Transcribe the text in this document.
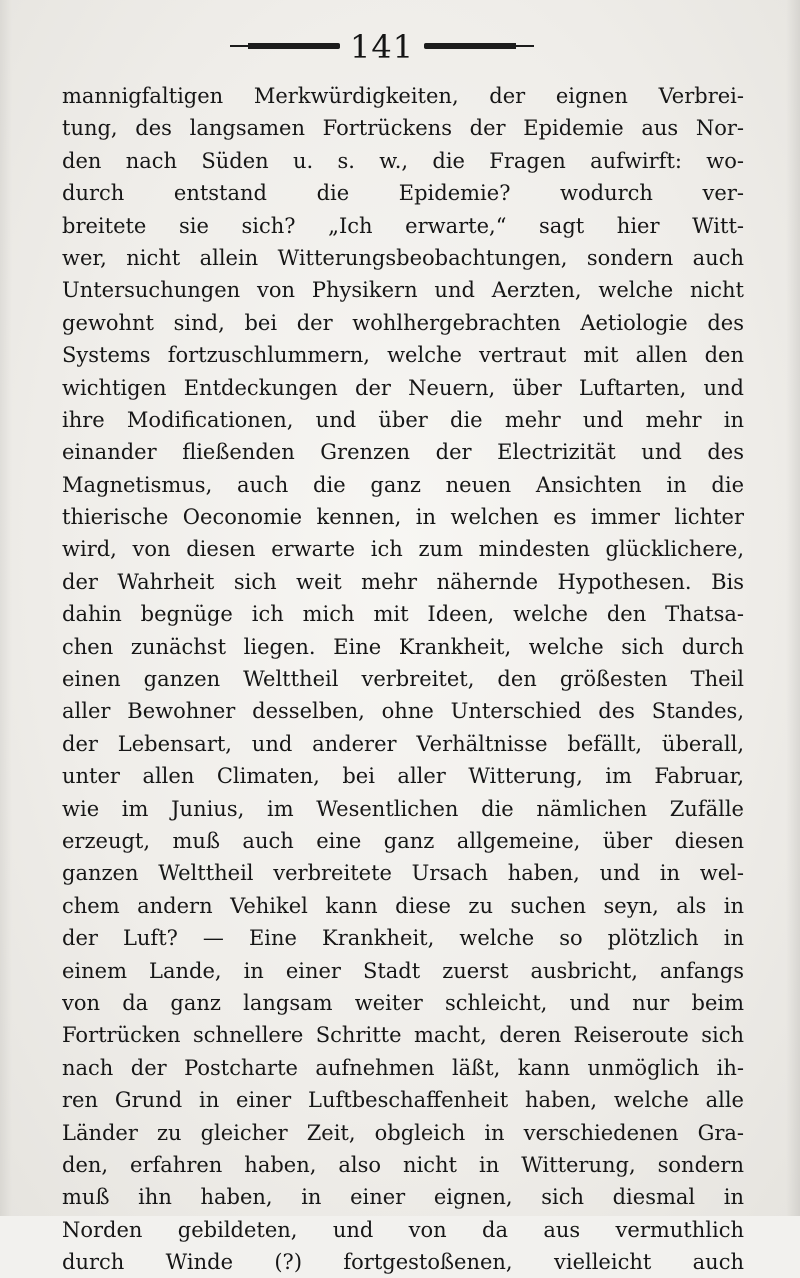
141
mannigfaltigen Merkwürdigkeiten, der eignen Verbrei-
tung, des langsamen Fortrückens der Epidemie aus Nor-
den nach Süden u. s. w., die Fragen aufwirft: wo-
durch entstand die Epidemie? wodurch ver-
breitete sie sich? „Ich erwarte,“ sagt hier Witt-
wer, nicht allein Witterungsbeobachtungen, sondern auch
Untersuchungen von Physikern und Aerzten, welche nicht
gewohnt sind, bei der wohlhergebrachten Aetiologie des
Systems fortzuschlummern, welche vertraut mit allen den
wichtigen Entdeckungen der Neuern, über Luftarten, und
ihre Modificationen, und über die mehr und mehr in
einander fließenden Grenzen der Electrizität und des
Magnetismus, auch die ganz neuen Ansichten in die
thierische Oeconomie kennen, in welchen es immer lichter
wird, von diesen erwarte ich zum mindesten glücklichere,
der Wahrheit sich weit mehr nähernde Hypothesen. Bis
dahin begnüge ich mich mit Ideen, welche den Thatsa-
chen zunächst liegen. Eine Krankheit, welche sich durch
einen ganzen Welttheil verbreitet, den größesten Theil
aller Bewohner desselben, ohne Unterschied des Standes,
der Lebensart, und anderer Verhältnisse befällt, überall,
unter allen Climaten, bei aller Witterung, im Fabruar,
wie im Junius, im Wesentlichen die nämlichen Zufälle
erzeugt, muß auch eine ganz allgemeine, über diesen
ganzen Welttheil verbreitete Ursach haben, und in wel-
chem andern Vehikel kann diese zu suchen seyn, als in
der Luft? — Eine Krankheit, welche so plötzlich in
einem Lande, in einer Stadt zuerst ausbricht, anfangs
von da ganz langsam weiter schleicht, und nur beim
Fortrücken schnellere Schritte macht, deren Reiseroute sich
nach der Postcharte aufnehmen läßt, kann unmöglich ih-
ren Grund in einer Luftbeschaffenheit haben, welche alle
Länder zu gleicher Zeit, obgleich in verschiedenen Gra-
den, erfahren haben, also nicht in Witterung, sondern
muß ihn haben, in einer eignen, sich diesmal in
Norden gebildeten, und von da aus vermuthlich
durch Winde (?) fortgestoßenen, vielleicht auch
